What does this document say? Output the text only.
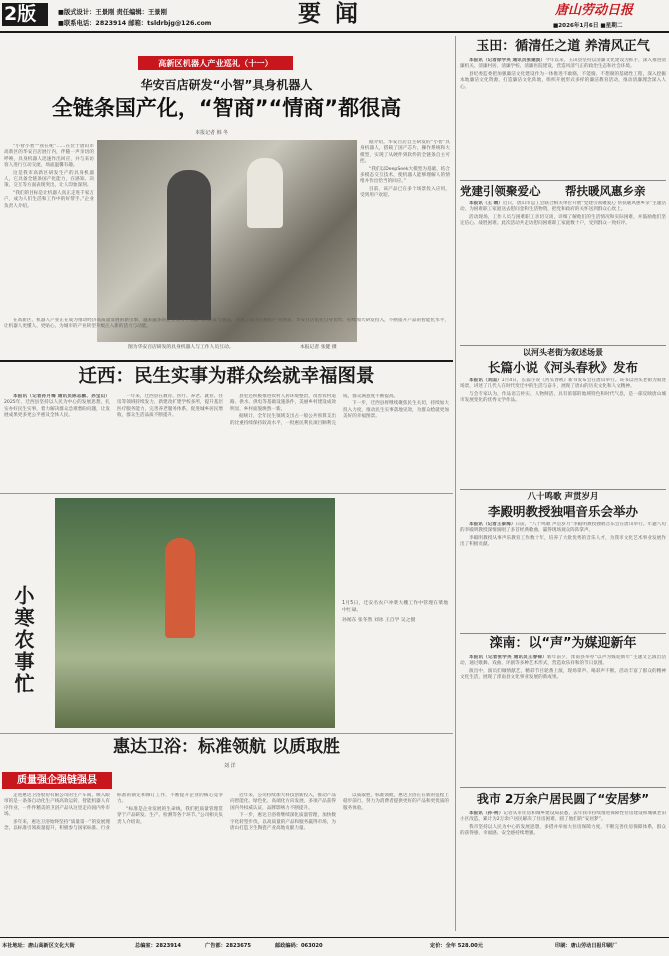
2版	■版式设计：王景刚 责任编辑：王景刚
■联系电话：2823914 邮箱：tsldrbjg@126.com	要 闻	唐山劳动日报
■2026年1月6日 ■星期二
高新区机器人产业巡礼（十一）
华安百店研发“小智”具身机器人
全链条国产化，“智商”“情商”都很高
本报记者 韩 冬

“小智小智”“我在呢”……在位于唐山市高新区的华安百店展厅内，伴随一声亲切的呼唤，具身机器人迅速作出回应，并与来访客人进行互动交流，场面温馨有趣。

这是我市高新区研发生产的具身机器人，它具备全链条国产化能力，在感知、决策、交互等方面表现突出，让人印象深刻。

“我们的目标是让机器人真正走进千家万户，成为人们生活和工作中的好帮手。”企业负责人介绍。

图为华安百店研发的具身机器人与工作人员互动。	本报记者 张健 摄

据介绍，华安百店自主研发的“小智”具身机器人，搭载了国产芯片、操作系统和大模型，实现了从硬件到软件的全链条自主可控。

“我们以DeepSeek大模型为基础，结合多模态交互技术，使机器人能够理解人的情绪并作出恰当的回应。”

目前，该产品已在多个场景投入应用，受到用户欢迎。

在高新区，机器人产业正在成为推动经济高质量发展的新引擎，越来越多的企业投身于机器人的研发与制造，形成了较为完整的产业链条。华安百店依托自身优势，持续加大研发投入，不断提升产品的智能化水平，让机器人更懂人、更贴心，为城市的产业转型升级注入新的活力与动能。

玉田：循清任之道 养清风正气

本报讯（记者徐学英 通讯员张建波）今年以来，玉田县坚持以清廉文化建设为抓手，深入推进清廉机关、清廉村居、清廉学校、清廉医院建设，营造风清气正的政治生态和社会环境。

县纪委监委把加强廉洁文化建设作为一体推进不敢腐、不能腐、不想腐的基础性工程，深入挖掘本地廉洁文化资源，打造廉洁文化阵地，组织开展形式多样的廉洁教育活动，推动清廉理念深入人心。

党建引领聚爱心 帮扶暖风惠乡亲

本报讯（王 晴）近日，唐山市总工会联合相关单位开展“党建引领聚爱心 帮扶暖风惠乡亲”主题活动，为困难职工家庭送去慰问金和生活物资，把党和政府的关怀送到群众心坎上。

活动现场，工作人员与困难职工亲切交谈，详细了解他们的生活情况和实际困难，并鼓励他们坚定信心、战胜困难。此次活动共走访慰问困难职工家庭数十户，受到群众一致好评。

以河头老街为叙述场景
长篇小说《河头春秋》发布

本报讯（刘国）1月4日，长篇小说《河头春秋》新书发布会在唐山举行。该书以河头老街为叙述场景，讲述了几代人在时代变迁中的生活与奋斗，展现了唐山的历史文化和人文精神。

与会专家认为，作品语言朴实、人物鲜活，具有浓郁的地域特色和时代气息，是一部反映唐山城市发展变化的优秀文学作品。

八十鸣歌 声贯岁月
李殿明教授独唱音乐会举办

本报讯（记者王泰海）日前，“八十鸣歌 声贯岁月”李殿明教授独唱音乐会在唐山举行。年逾八旬的李殿明教授深情演唱了多首经典歌曲，赢得现场观众阵阵掌声。

李殿明教授从事声乐教育工作数十年，培养了大批优秀的音乐人才，为我市文化艺术事业发展作出了积极贡献。

滦南：以“声”为媒迎新年

本报讯（记者张学英 通讯员王春禄）新年前夕，滦南县举办“以声为媒迎新年”主题文艺演出活动，通过歌舞、戏曲、评剧等多种艺术形式，营造欢乐祥和的节日氛围。

演出中，演员们倾情献艺，精彩节目轮番上演，现场掌声、喝彩声不断。活动丰富了群众的精神文化生活，展现了滦南县文化事业发展的新成果。

我市 2万余户居民圆了“安居梦”

本报讯（孙·柯）记者从市住房和城乡建设局获悉，去年我市持续推进保障性住房建设和城镇老旧小区改造，累计为2万余户居民解决了住房困难，圆了他们的“安居梦”。

我市坚持以人民为中心的发展思想，多措并举加大住房保障力度，不断完善住房保障体系，群众的获得感、幸福感、安全感持续增强。

迁西：民生实事为群众绘就幸福图景

本报讯（记者孙月梅 通讯员陈志鹏、孙宝山）2025年，迁西县坚持以人民为中心的发展思想，扎实办好民生实事，着力解决群众急难愁盼问题，让发展成果更多更公平惠及全体人民。

一年来，迁西县在教育、医疗、养老、就业、住房等领域持续发力，新建改扩建学校多所，提升基层医疗服务能力，完善养老服务体系，促进城乡居民增收，群众生活品质不断提升。

县里还积极推进农村人居环境整治，改善农村道路、供水、供电等基础设施条件，美丽乡村建设成效明显，乡村面貌焕然一新。

据统计，全年民生领域支出占一般公共预算支出的比重持续保持较高水平，一批惠民利民项目顺利完成，群众满意度不断提高。

下一步，迁西县将继续聚焦民生关切，持续加大投入力度，推动民生实事落地见效，为群众绘就更加美好的幸福图景。

小寒农事忙	1月5日，迁安名农户冲菜大棚工作中管理在菜地中忙碌。
孙闻东 张冬然 刘冰 王自学 吴之摄
惠达卫浴：标准领航 以质取胜
刘 洋
质量强企强链强县

走进惠达卫浴股份有限公司的生产车间，映入眼帘的是一条条自动化生产线高效运转，智能机器人有序作业，一件件精美的卫浴产品从这里走向国内外市场。

多年来，惠达卫浴始终坚持“质量第一”的发展理念，以标准引领质量提升，积极参与国家标准、行业标准的制定和修订工作，不断提升企业的核心竞争力。

“标准是企业发展的生命线，我们把质量管理贯穿于产品研发、生产、检测等各个环节。”公司相关负责人介绍说。

近年来，公司持续加大科技创新投入，推动产品向智能化、绿色化、高端化方向发展，多项产品获得国内外权威认证，品牌影响力不断提升。

下一步，惠达卫浴将继续深化质量管理，加快数字化转型步伐，以高质量的产品和服务赢得市场，为唐山打造卫生陶瓷产业高地贡献力量。

以质取胜，标准领航，惠达卫浴正在新的征程上稳步前行，努力为消费者提供更好的产品和更优质的服务体验。

本社地址：唐山高新区文化大街	总编室：2823914	广告部：2823675	邮政编码：063020	定价：全年 528.00元	印刷：唐山劳动日报印刷厂
